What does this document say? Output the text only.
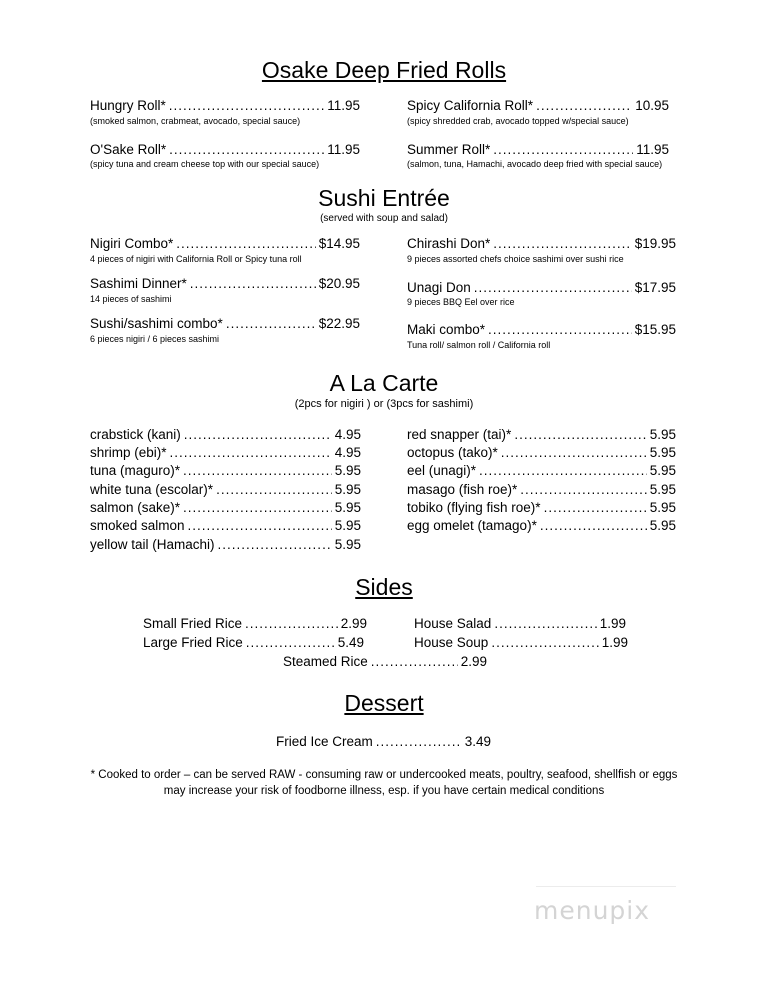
Osake Deep Fried Rolls
Hungry Roll* .....	11.95
(smoked salmon, crabmeat, avocado, special sauce)
O'Sake Roll* .....	11.95
(spicy tuna and cream cheese top with our special sauce)
Spicy California Roll* .....	10.95
(spicy shredded crab, avocado topped w/special sauce)
Summer Roll* .....	11.95
(salmon, tuna, Hamachi, avocado deep fried with special sauce)
Sushi Entrée
(served with soup and salad)
Nigiri Combo* .....	$14.95
4 pieces of nigiri with California Roll or Spicy tuna roll
Sashimi Dinner* .....	$20.95
14 pieces of sashimi
Sushi/sashimi combo* .....	$22.95
6 pieces nigiri / 6 pieces sashimi
Chirashi Don* .....	$19.95
9 pieces assorted chefs choice sashimi over sushi rice
Unagi Don .....	$17.95
9 pieces BBQ Eel over rice
Maki combo* .....	$15.95
Tuna roll/ salmon roll / California roll
A La Carte
(2pcs for nigiri ) or (3pcs for sashimi)
crabstick (kani) .....	4.95
shrimp (ebi)* .....	4.95
tuna (maguro)* .....	5.95
white tuna (escolar)* .....	5.95
salmon (sake)* .....	5.95
smoked salmon .....	5.95
yellow tail (Hamachi) .....	5.95
red snapper (tai)* .....	5.95
octopus (tako)* .....	5.95
eel (unagi)* .....	5.95
masago (fish roe)* .....	5.95
tobiko (flying fish roe)* .....	5.95
egg omelet (tamago)* .....	5.95
Sides
Small Fried Rice .....	2.99
Large Fried Rice .....	5.49
House Salad .....	1.99
House Soup .....	1.99
Steamed Rice .....	2.99
Dessert
Fried Ice Cream .....	3.49
* Cooked to order – can be served RAW - consuming raw or undercooked meats, poultry, seafood, shellfish or eggs
may increase your risk of foodborne illness, esp. if you have certain medical conditions
menupix
